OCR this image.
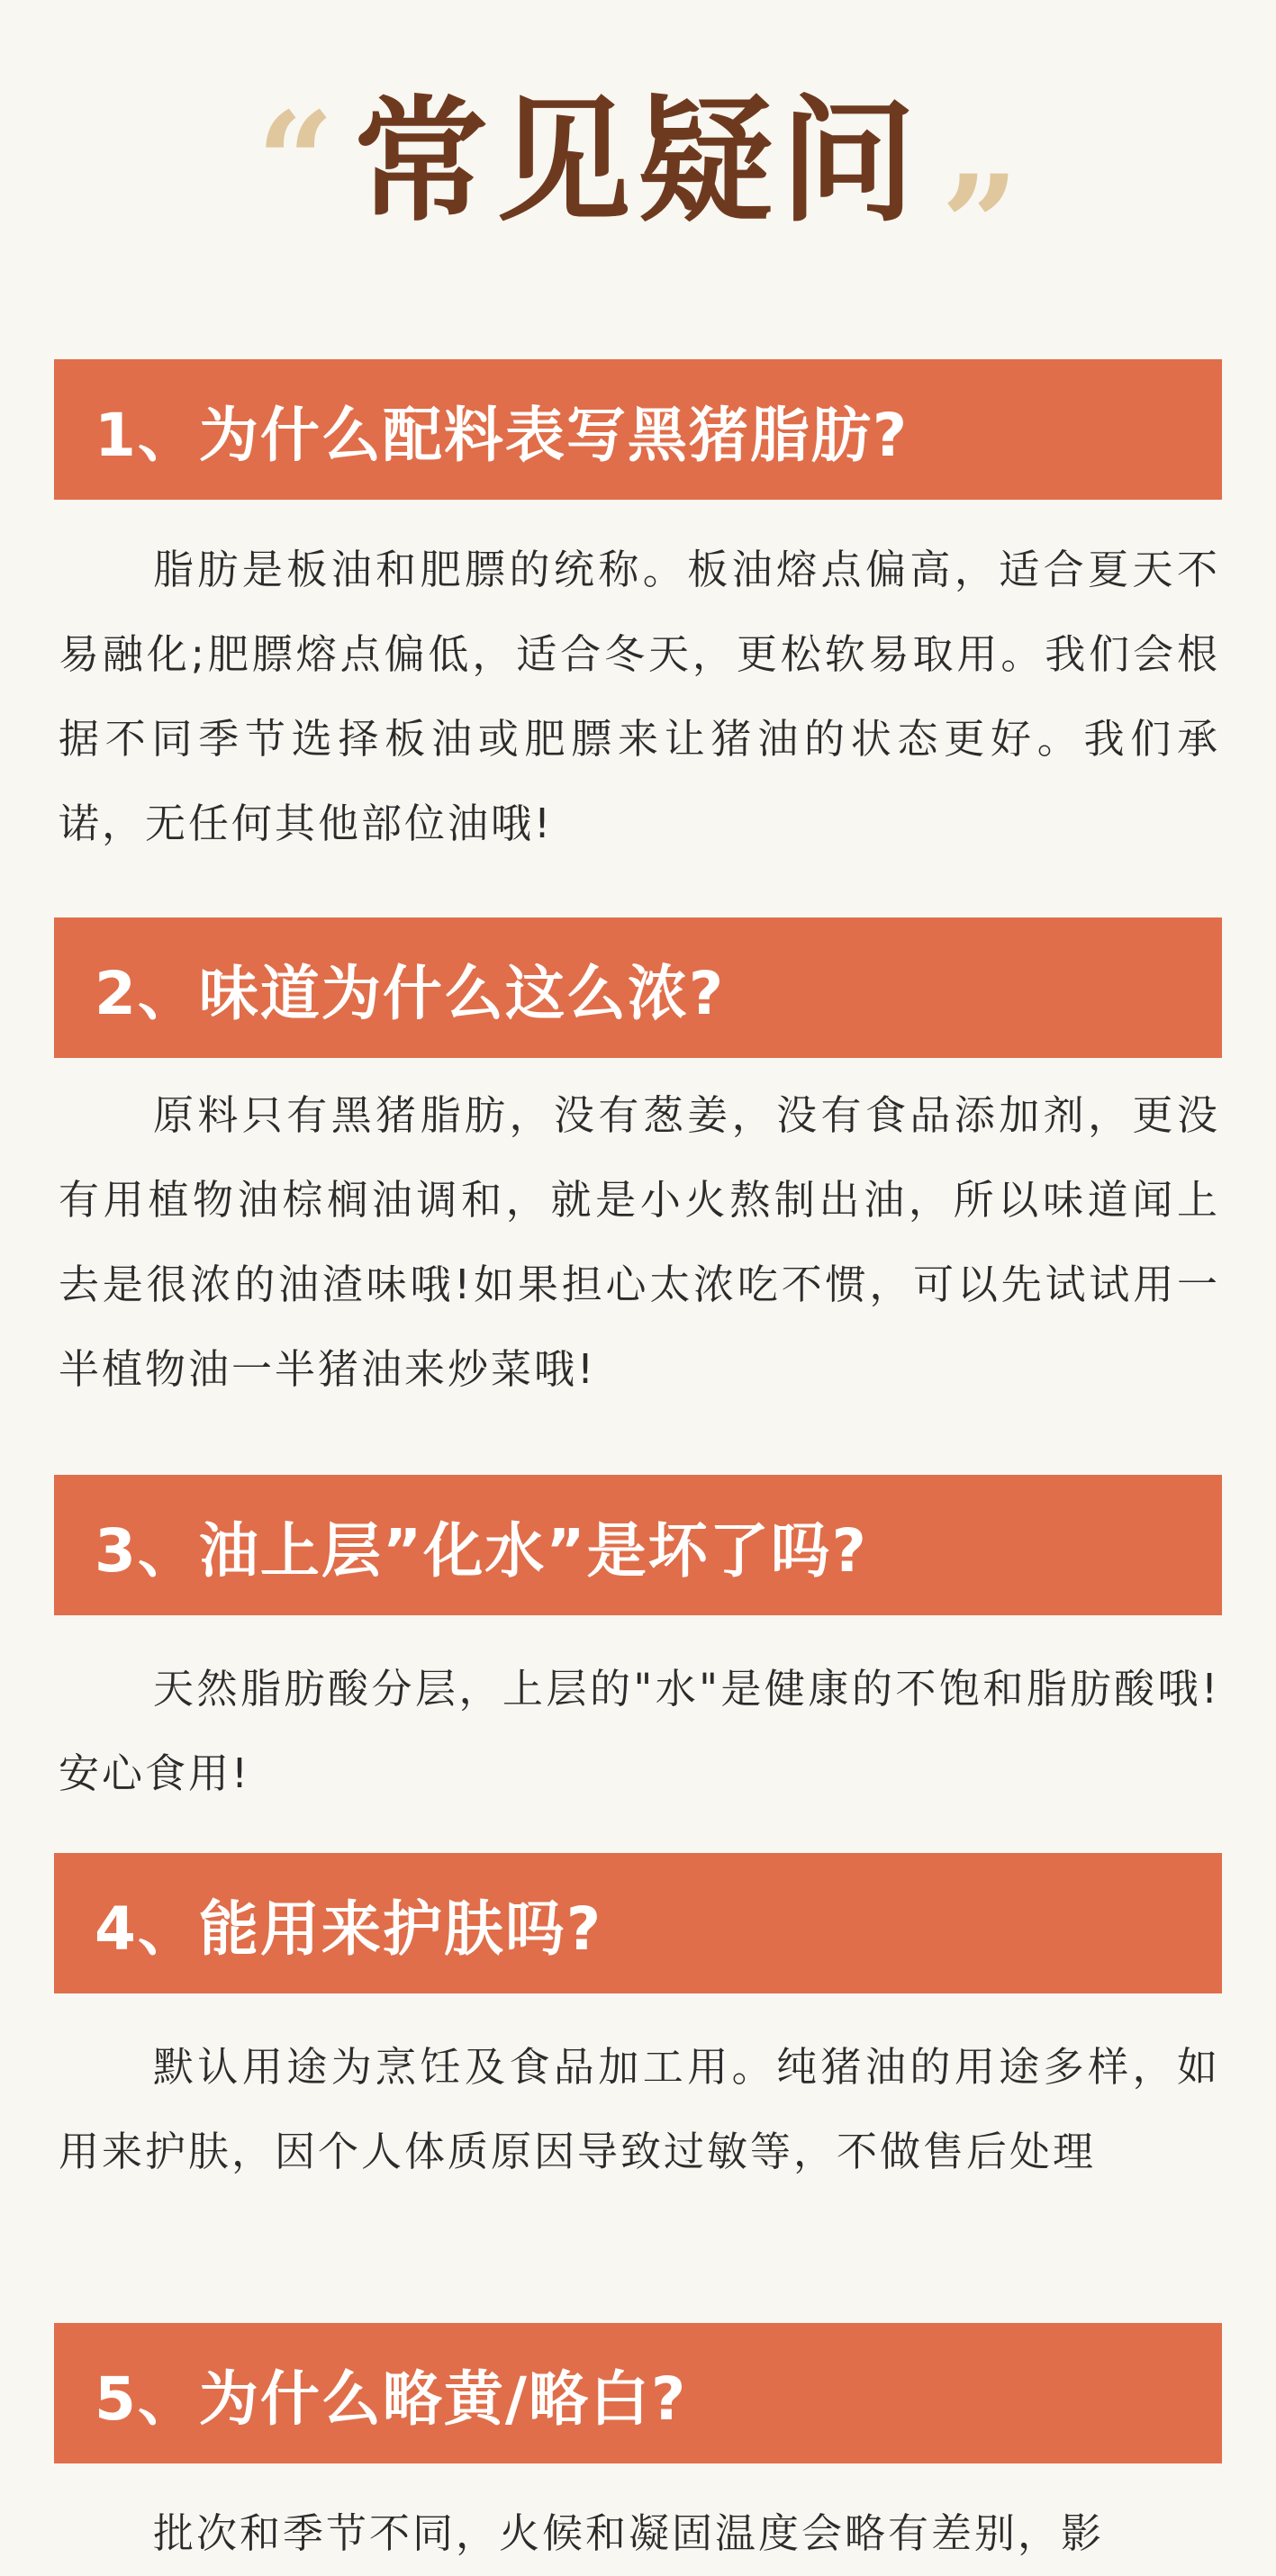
“ 常见疑问 ”
1、为什么配料表写黑猪脂肪?

脂肪是板油和肥膘的统称。板油熔点偏高，适合夏天不易融化;肥膘熔点偏低，适合冬天，更松软易取用。我们会根据不同季节选择板油或肥膘来让猪油的状态更好。我们承诺，无任何其他部位油哦!

2、味道为什么这么浓?

原料只有黑猪脂肪，没有葱姜，没有食品添加剂，更没有用植物油棕榈油调和，就是小火熬制出油，所以味道闻上去是很浓的油渣味哦!如果担心太浓吃不惯，可以先试试用一半植物油一半猪油来炒菜哦!

3、油上层”化水”是坏了吗?

天然脂肪酸分层，上层的"水"是健康的不饱和脂肪酸哦!安心食用!

4、能用来护肤吗?

默认用途为烹饪及食品加工用。纯猪油的用途多样，如用来护肤，因个人体质原因导致过敏等，不做售后处理

5、为什么略黄/略白?

批次和季节不同，火候和凝固温度会略有差别，影
